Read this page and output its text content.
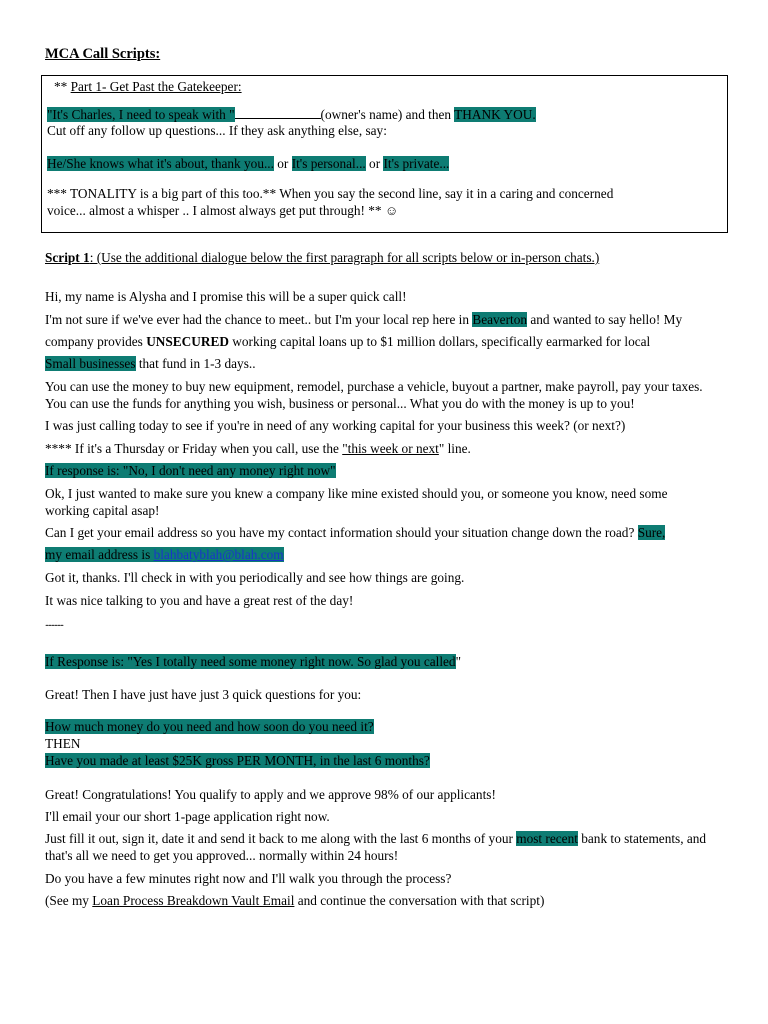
MCA Call Scripts:
** Part 1- Get Past the Gatekeeper:
"It's Charles, I need to speak with "	(owner's name) and then THANK YOU.
Cut off any follow up questions... If they ask anything else, say:
He/She knows what it's about, thank you... or It's personal... or It's private...
*** TONALITY is a big part of this too.** When you say the second line, say it in a caring and concerned
voice... almost a whisper .. I almost always get put through! ** ☺
Script 1: (Use the additional dialogue below the first paragraph for all scripts below or in-person chats.)
Hi, my name is Alysha and I promise this will be a super quick call!
I'm not sure if we've ever had the chance to meet.. but I'm your local rep here in Beaverton and wanted to say hello! My
company provides UNSECURED working capital loans up to $1 million dollars, specifically earmarked for local
Small businesses that fund in 1-3 days..
You can use the money to buy new equipment, remodel, purchase a vehicle, buyout a partner, make payroll, pay your taxes.
You can use the funds for anything you wish, business or personal... What you do with the money is up to you!
I was just calling today to see if you're in need of any working capital for your business this week? (or next?)
**** If it's a Thursday or Friday when you call, use the "this week or next" line.
If response is: "No, I don't need any money right now"
Ok, I just wanted to make sure you knew a company like mine existed should you, or someone you know, need some
working capital asap!
Can I get your email address so you have my contact information should your situation change down the road? Sure,
my email address is blahbatyblah@blah.com
Got it, thanks. I'll check in with you periodically and see how things are going.
It was nice talking to you and have a great rest of the day!
............
If Response is: "Yes I totally need some money right now. So glad you called"
Great! Then I have just have just 3 quick questions for you:
How much money do you need and how soon do you need it?
THEN
Have you made at least $25K gross PER MONTH, in the last 6 months?
Great! Congratulations! You qualify to apply and we approve 98% of our applicants!
I'll email your our short 1-page application right now.
Just fill it out, sign it, date it and send it back to me along with the last 6 months of your most recent bank to statements, and
that's all we need to get you approved... normally within 24 hours!
Do you have a few minutes right now and I'll walk you through the process?
(See my Loan Process Breakdown Vault Email and continue the conversation with that script)
